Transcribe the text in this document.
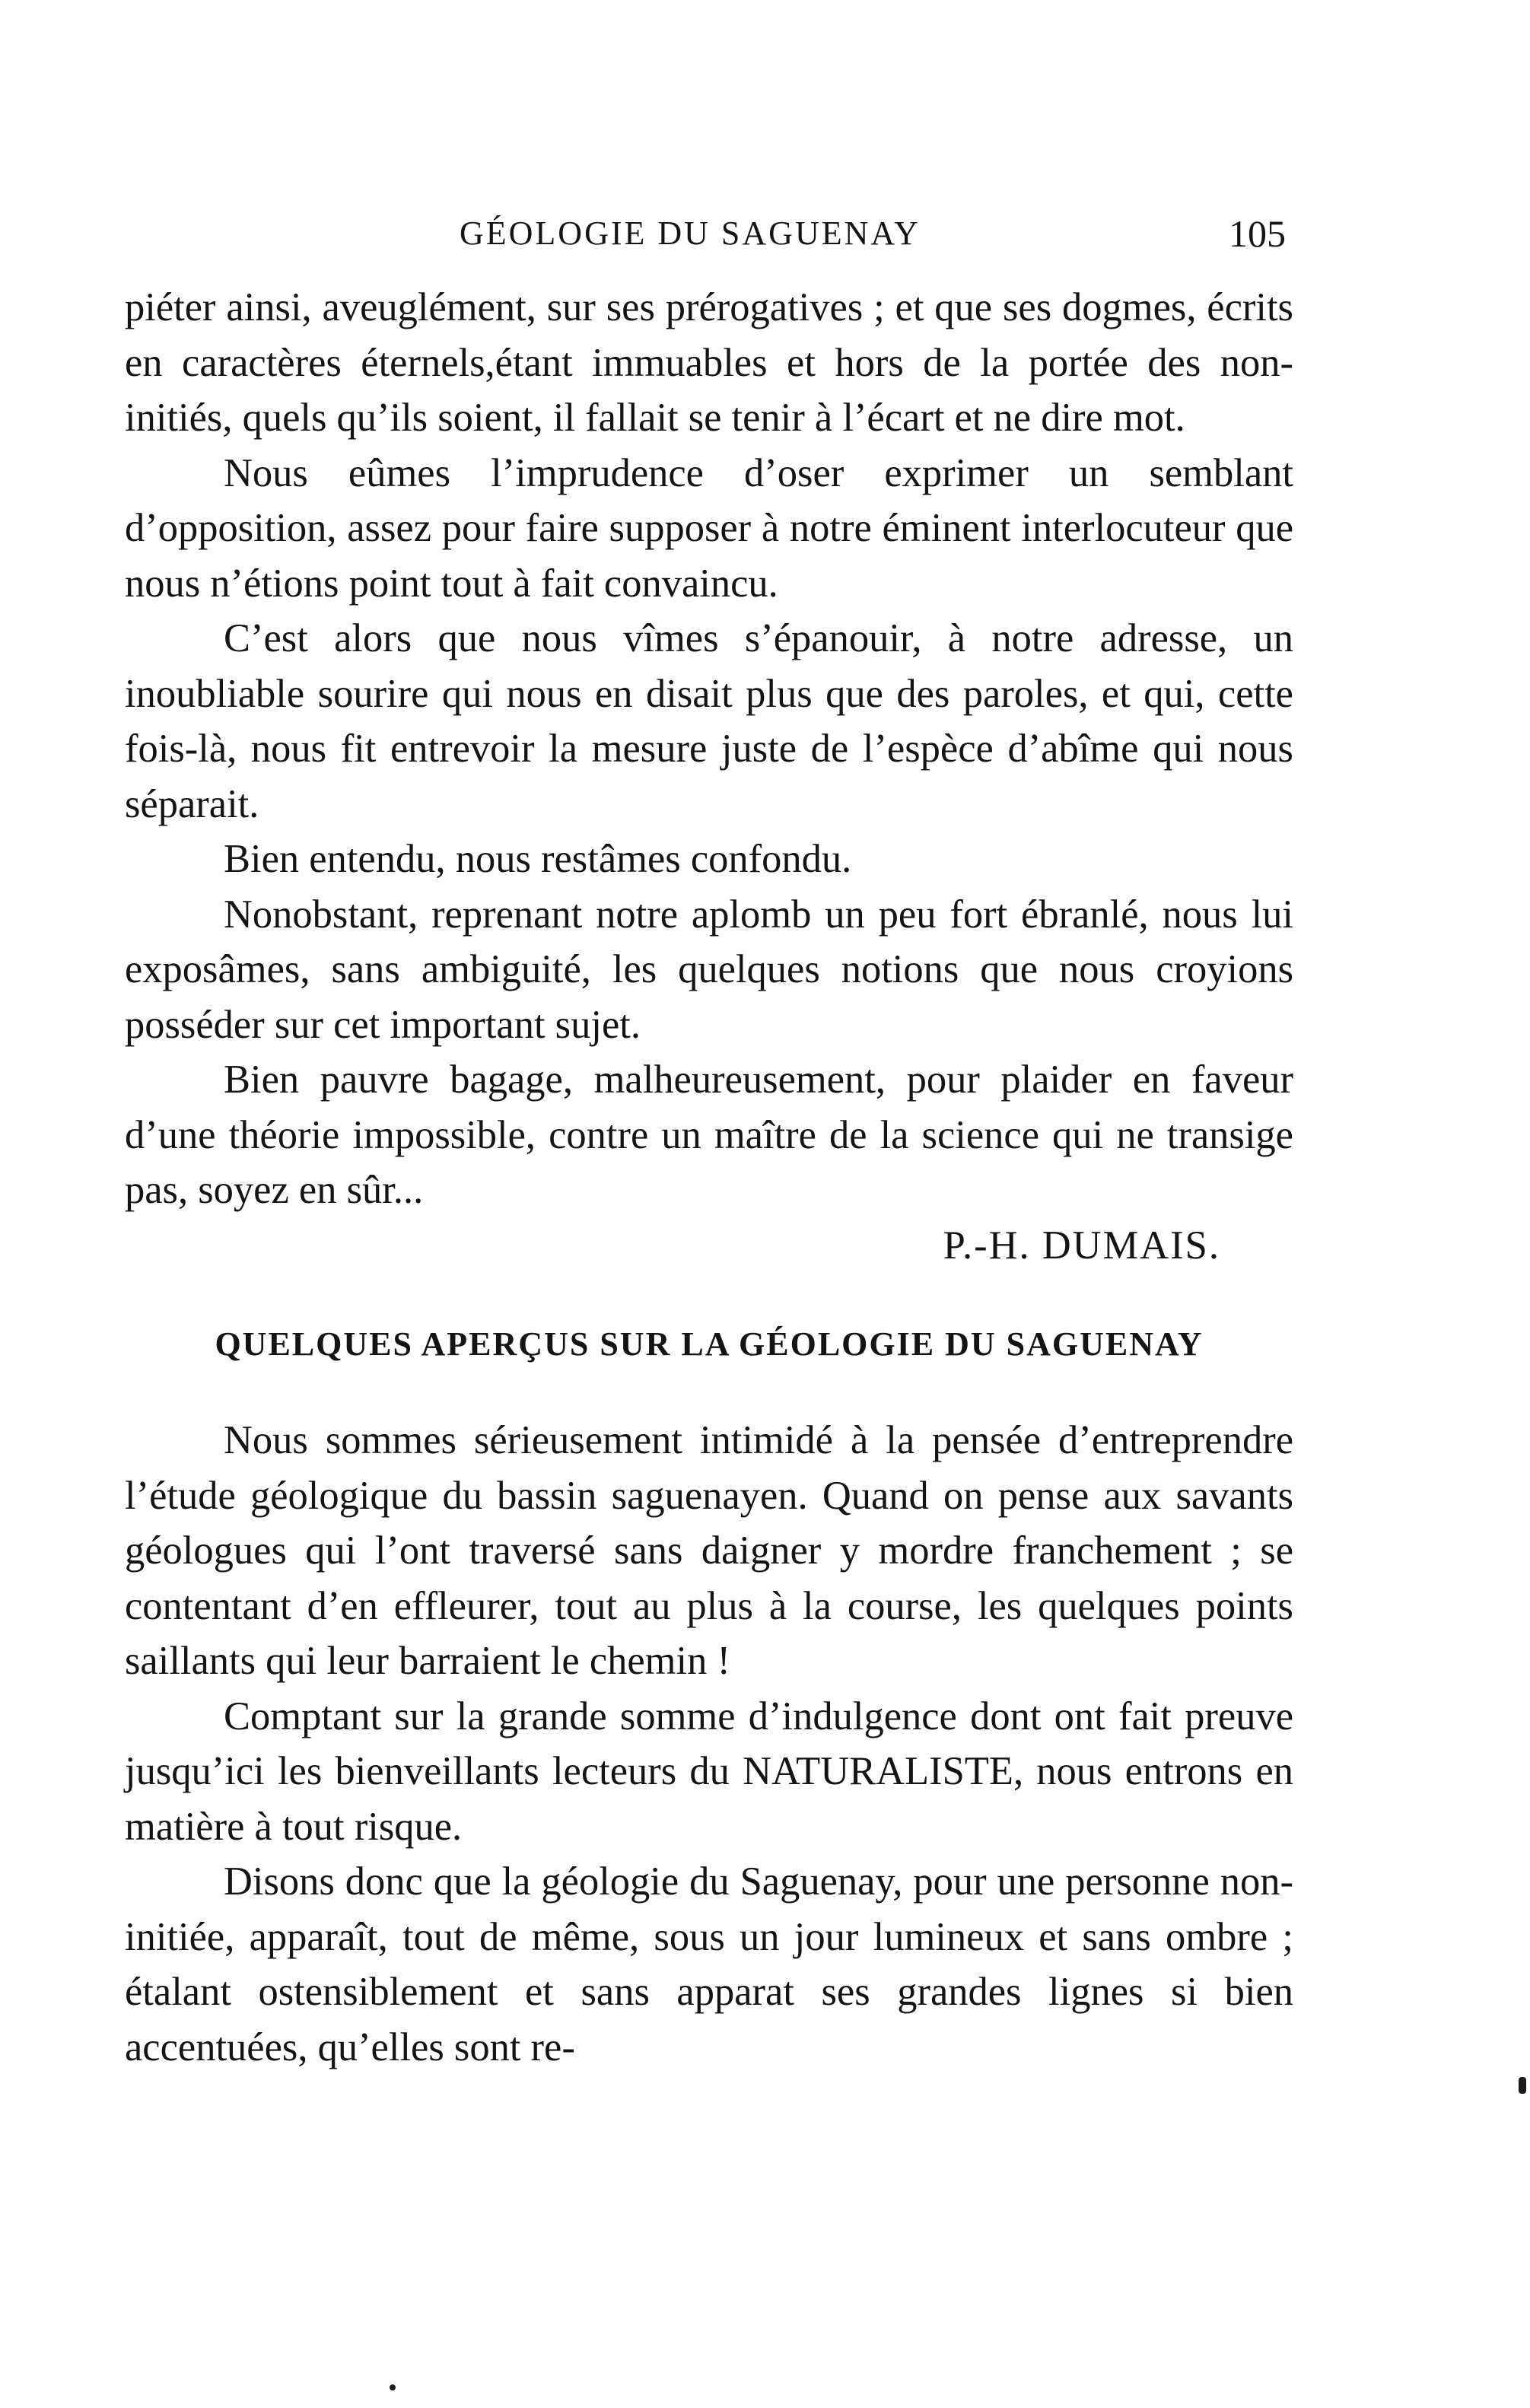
GÉOLOGIE DU SAGUENAY	105

piéter ainsi, aveuglément, sur ses prérogatives ; et que ses dogmes, écrits en caractères éternels,étant immuables et hors de la portée des non-initiés, quels qu’ils soient, il fallait se tenir à l’écart et ne dire mot.

Nous eûmes l’imprudence d’oser exprimer un semblant d’opposition, assez pour faire supposer à notre éminent interlocuteur que nous n’étions point tout à fait convaincu.

C’est alors que nous vîmes s’épanouir, à notre adresse, un inoubliable sourire qui nous en disait plus que des paroles, et qui, cette fois-là, nous fit entrevoir la mesure juste de l’espèce d’abîme qui nous séparait.

Bien entendu, nous restâmes confondu.

Nonobstant, reprenant notre aplomb un peu fort ébranlé, nous lui exposâmes, sans ambiguité, les quelques notions que nous croyions posséder sur cet important sujet.

Bien pauvre bagage, malheureusement, pour plaider en faveur d’une théorie impossible, contre un maître de la science qui ne transige pas, soyez en sûr...

P.-H. DUMAIS.

QUELQUES APERÇUS SUR LA GÉOLOGIE DU SAGUENAY

Nous sommes sérieusement intimidé à la pensée d’entreprendre l’étude géologique du bassin saguenayen. Quand on pense aux savants géologues qui l’ont traversé sans daigner y mordre franchement ; se contentant d’en effleurer, tout au plus à la course, les quelques points saillants qui leur barraient le chemin !

Comptant sur la grande somme d’indulgence dont ont fait preuve jusqu’ici les bienveillants lecteurs du NATURALISTE, nous entrons en matière à tout risque.

Disons donc que la géologie du Saguenay, pour une personne non-initiée, apparaît, tout de même, sous un jour lumineux et sans ombre ; étalant ostensiblement et sans apparat ses grandes lignes si bien accentuées, qu’elles sont re-
